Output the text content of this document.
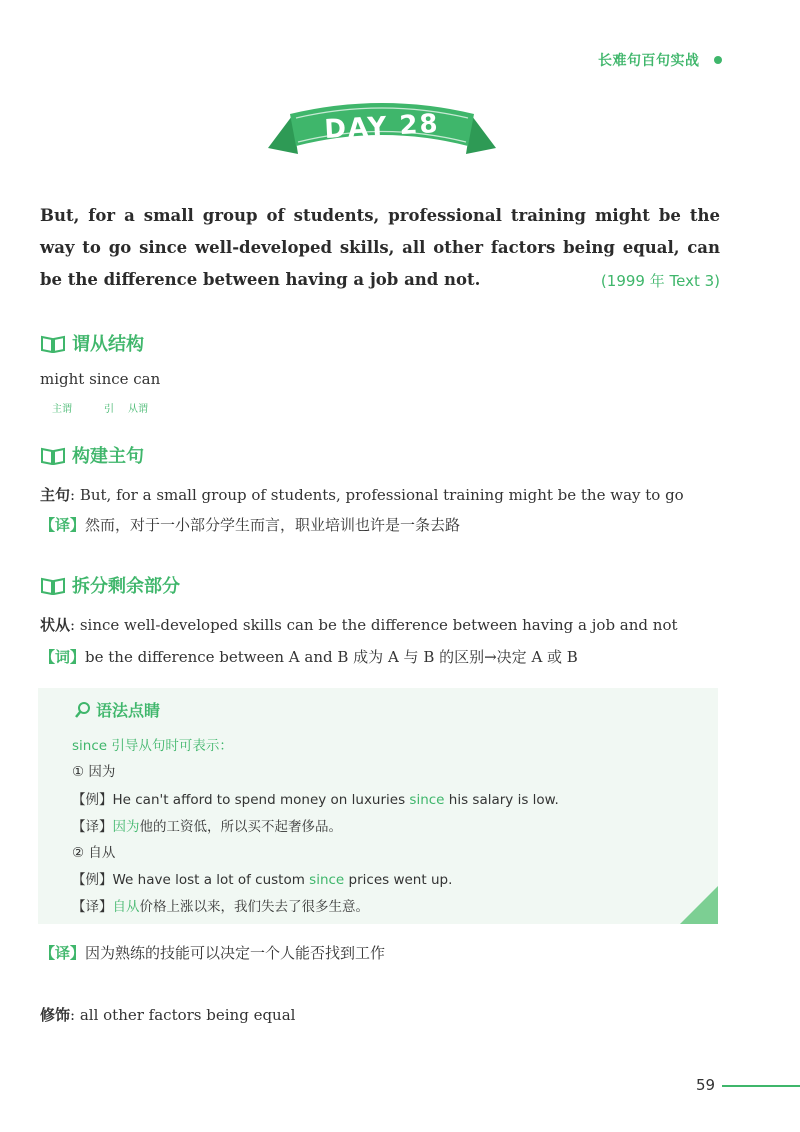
长难句百句实战
DAY 28
But, for a small group of students, professional training might be the way to go since well-developed skills, all other factors being equal, can be the difference between having a job and not.	(1999 年 Text 3)
谓从结构
might since can
主谓	引 从谓
构建主句
主句: But, for a small group of students, professional training might be the way to go
【译】然而，对于一小部分学生而言，职业培训也许是一条去路
拆分剩余部分
状从: since well-developed skills can be the difference between having a job and not
【词】be the difference between A and B 成为 A 与 B 的区别→决定 A 或 B
语法点睛
since 引导从句时可表示：
① 因为
【例】He can't afford to spend money on luxuries since his salary is low.
【译】因为他的工资低，所以买不起奢侈品。
② 自从
【例】We have lost a lot of custom since prices went up.
【译】自从价格上涨以来，我们失去了很多生意。
【译】因为熟练的技能可以决定一个人能否找到工作
修饰: all other factors being equal
59
